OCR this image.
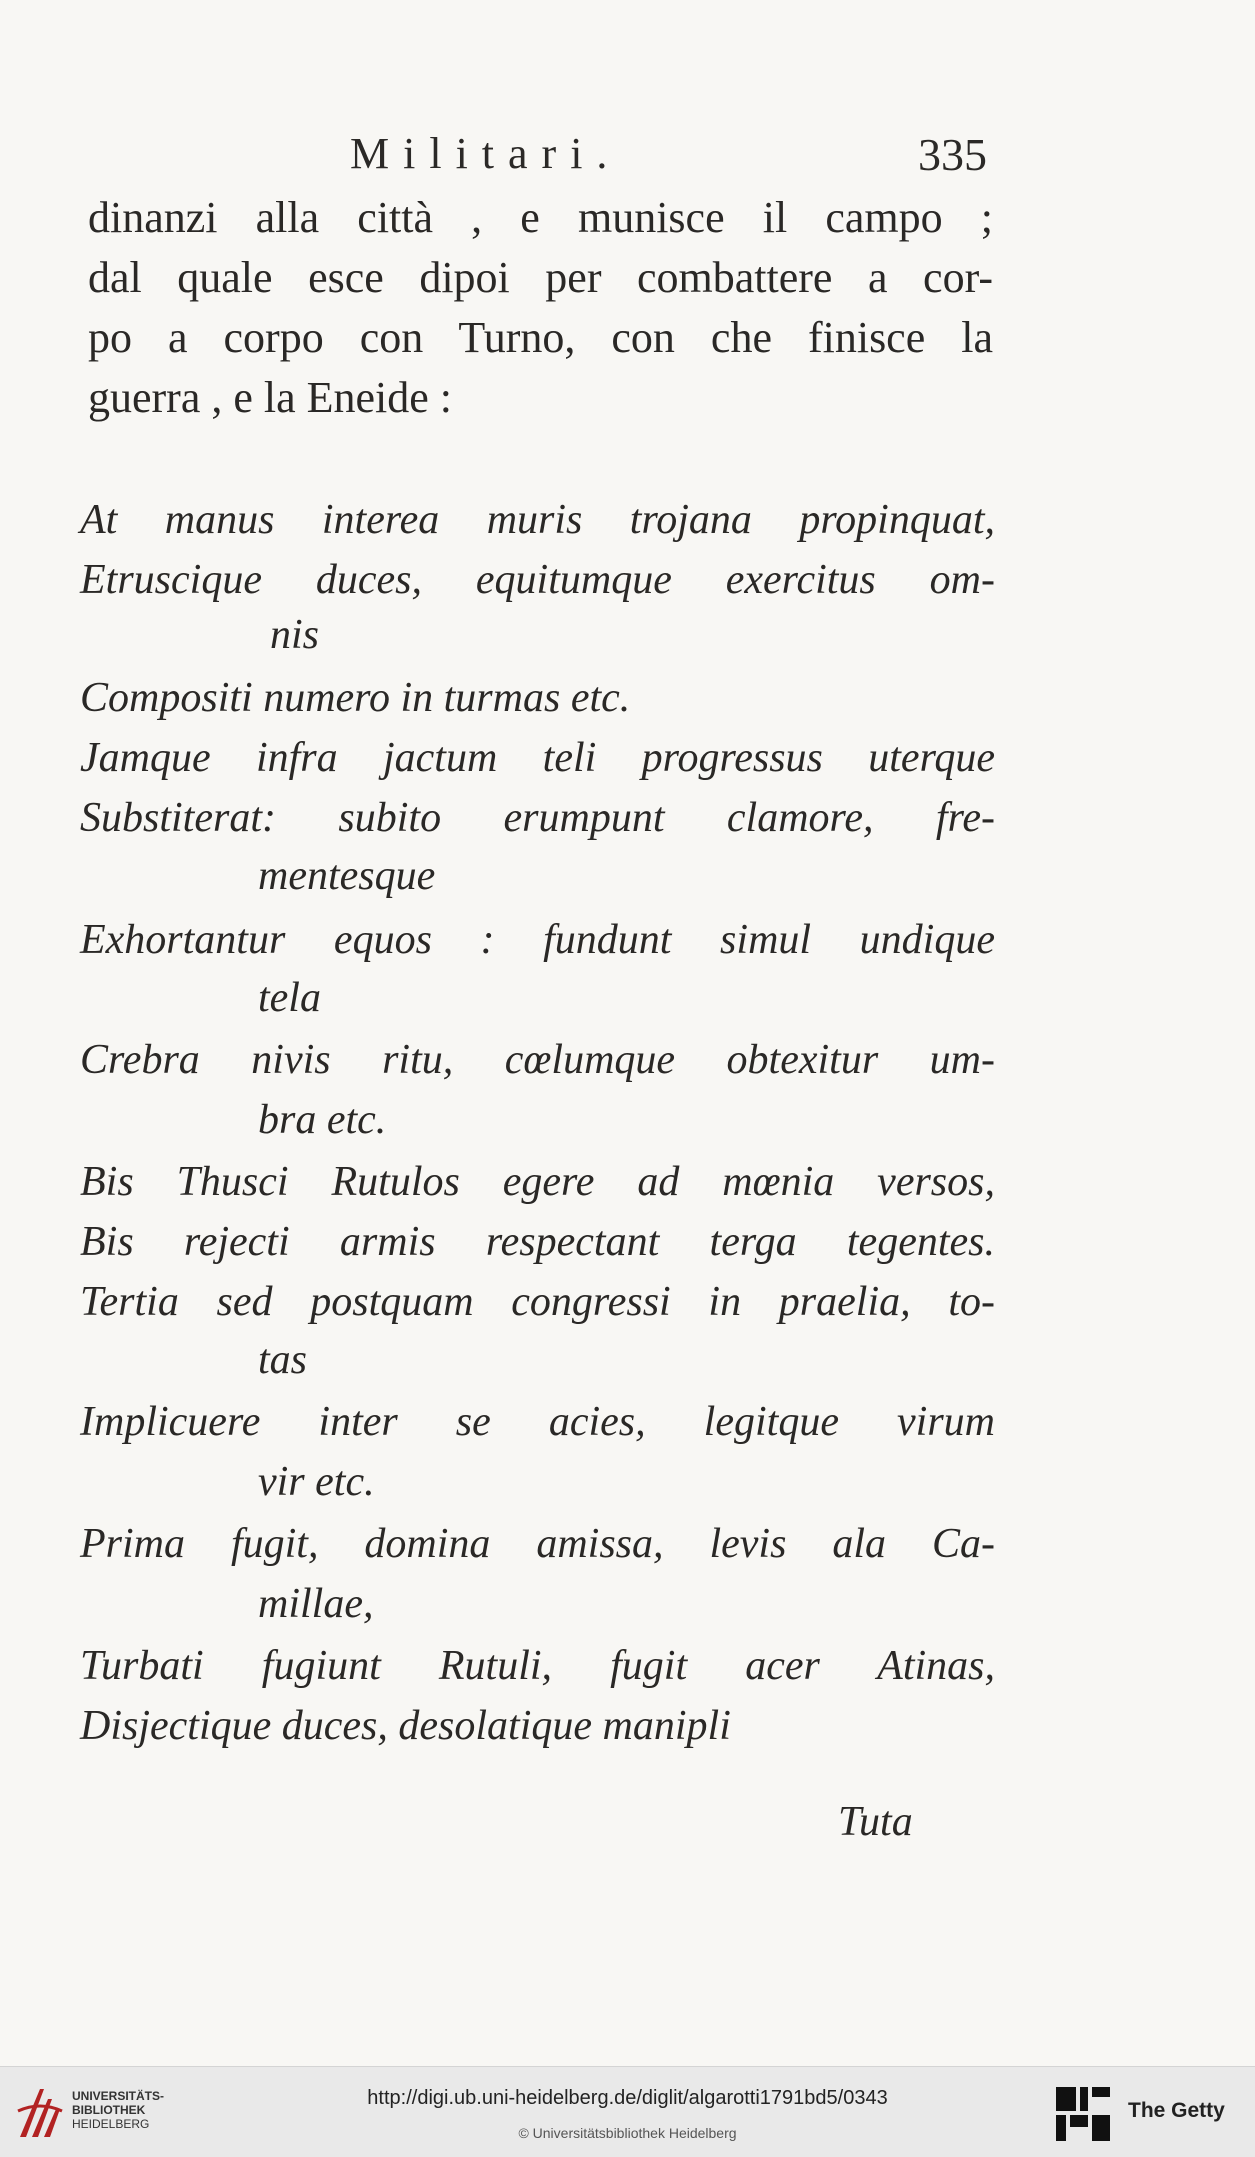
Militari.	335
dinanzi alla città , e munisce il campo ;
dal quale esce dipoi per combattere a cor-
po a corpo con Turno, con che finisce la
guerra , e la Eneide :
At manus interea muris trojana propinquat,
Etruscique duces, equitumque exercitus om-
nis
Compositi numero in turmas etc.
Jamque infra jactum teli progressus uterque
Substiterat: subito erumpunt clamore, fre-
mentesque
Exhortantur equos : fundunt simul undique
tela
Crebra nivis ritu, cœlumque obtexitur um-
bra etc.
Bis Thusci Rutulos egere ad mœnia versos,
Bis rejecti armis respectant terga tegentes.
Tertia sed postquam congressi in praelia, to-
tas
Implicuere inter se acies, legitque virum
vir etc.
Prima fugit, domina amissa, levis ala Ca-
millae,
Turbati fugiunt Rutuli, fugit acer Atinas,
Disjectique duces, desolatique manipli
Tuta
UNIVERSITÄTS-
BIBLIOTHEK
HEIDELBERG
http://digi.ub.uni-heidelberg.de/diglit/algarotti1791bd5/0343
© Universitätsbibliothek Heidelberg
The Getty
